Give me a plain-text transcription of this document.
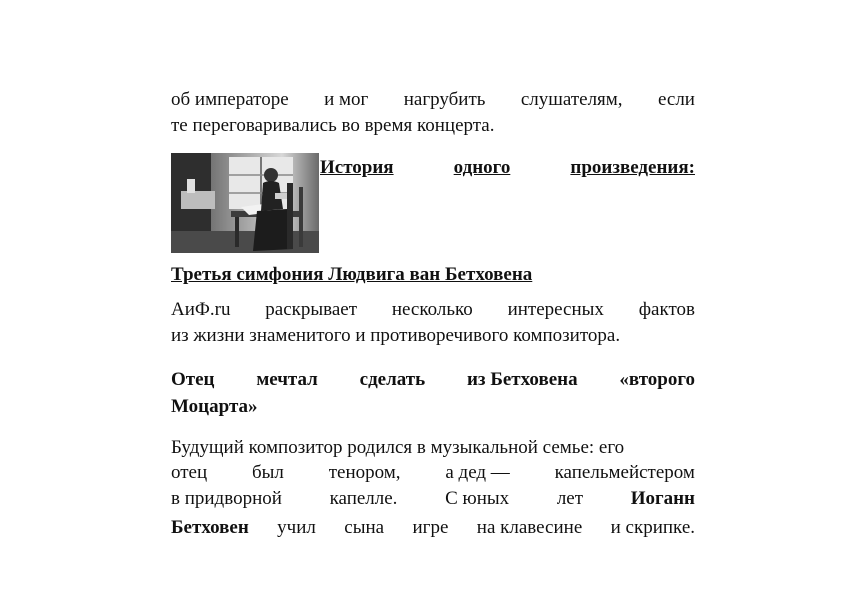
об императоре и мог нагрубить слушателям, если
те переговаривались во время концерта.
История	одного	произведения:
Третья симфония Людвига ван Бетховена
АиФ.ru раскрывает несколько интересных фактов
из жизни знаменитого и противоречивого композитора.
Отец мечтал сделать из Бетховена «второго
Моцарта»
Будущий композитор родился в музыкальной семье: его
отец был тенором, а дед — капельмейстером
в придворной	капелле.	С юных	лет	Иоганн
Бетховен учил сына игре на клавесине и скрипке.
